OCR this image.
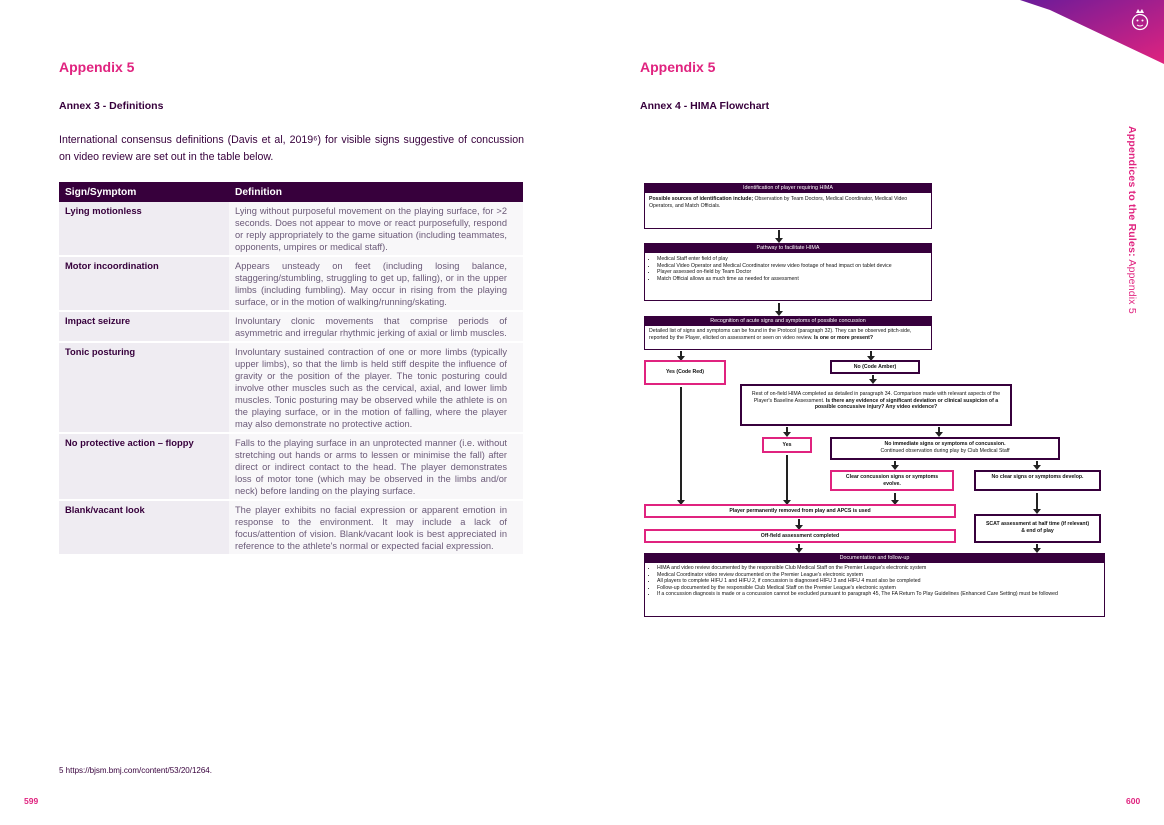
Appendix 5
Annex 3 - Definitions
International consensus definitions (Davis et al, 2019⁶) for visible signs suggestive of concussion on video review are set out in the table below.
Sign/Symptom	Definition
Lying motionless	Lying without purposeful movement on the playing surface, for >2 seconds. Does not appear to move or react purposefully, respond or reply appropriately to the game situation (including teammates, opponents, umpires or medical staff).
Motor incoordination	Appears unsteady on feet (including losing balance, staggering/stumbling, struggling to get up, falling), or in the upper limbs (including fumbling). May occur in rising from the playing surface, or in the motion of walking/running/skating.
Impact seizure	Involuntary clonic movements that comprise periods of asymmetric and irregular rhythmic jerking of axial or limb muscles.
Tonic posturing	Involuntary sustained contraction of one or more limbs (typically upper limbs), so that the limb is held stiff despite the influence of gravity or the position of the player. The tonic posturing could involve other muscles such as the cervical, axial, and lower limb muscles. Tonic posturing may be observed while the athlete is on the playing surface, or in the motion of falling, where the player may also demonstrate no protective action.
No protective action – floppy	Falls to the playing surface in an unprotected manner (i.e. without stretching out hands or arms to lessen or minimise the fall) after direct or indirect contact to the head. The player demonstrates loss of motor tone (which may be observed in the limbs and/or neck) before landing on the playing surface.
Blank/vacant look	The player exhibits no facial expression or apparent emotion in response to the environment. It may include a lack of focus/attention of vision. Blank/vacant look is best appreciated in reference to the athlete's normal or expected facial expression.
5 https://bjsm.bmj.com/content/53/20/1264.
599
Appendix 5
Annex 4 - HIMA Flowchart
Appendices to the Rules: Appendix 5
Identification of player requiring HIMA
Possible sources of identification include; Observation by Team Doctors, Medical Coordinator, Medical Video Operators, and Match Officials.
Pathway to facilitate HIMA
• Medical Staff enter field of play
• Medical Video Operator and Medical Coordinator review video footage of head impact on tablet device
• Player assessed on-field by Team Doctor
• Match Official allows as much time as needed for assessment
Recognition of acute signs and symptoms of possible concussion
Detailed list of signs and symptoms can be found in the Protocol (paragraph 32). They can be observed pitch-side, reported by the Player, elicited on assessment or seen on video review. Is one or more present?
Yes (Code Red)
No (Code Amber)
Rest of on-field HIMA completed as detailed in paragraph 34. Comparison made with relevant aspects of the Player's Baseline Assessment. Is there any evidence of significant deviation or clinical suspicion of a possible concussive injury? Any video evidence?
Yes	No immediate signs or symptoms of concussion.
Continued observation during play by Club Medical Staff
Clear concussion signs or symptoms evolve.
No clear signs or symptoms develop.
Player permanently removed from play and APCS is used
Off-field assessment completed
SCAT assessment at half time (if relevant) & end of play
Documentation and follow-up
• HIMA and video review documented by the responsible Club Medical Staff on the Premier League's electronic system
• Medical Coordinator video review documented on the Premier League's electronic system
• All players to complete HIFU 1 and HIFU 2, if concussion is diagnosed HIFU 3 and HIFU 4 must also be completed
• Follow-up documented by the responsible Club Medical Staff on the Premier League's electronic system
• If a concussion diagnosis is made or a concussion cannot be excluded pursuant to paragraph 45, The FA Return To Play Guidelines (Enhanced Care Setting) must be followed
600
